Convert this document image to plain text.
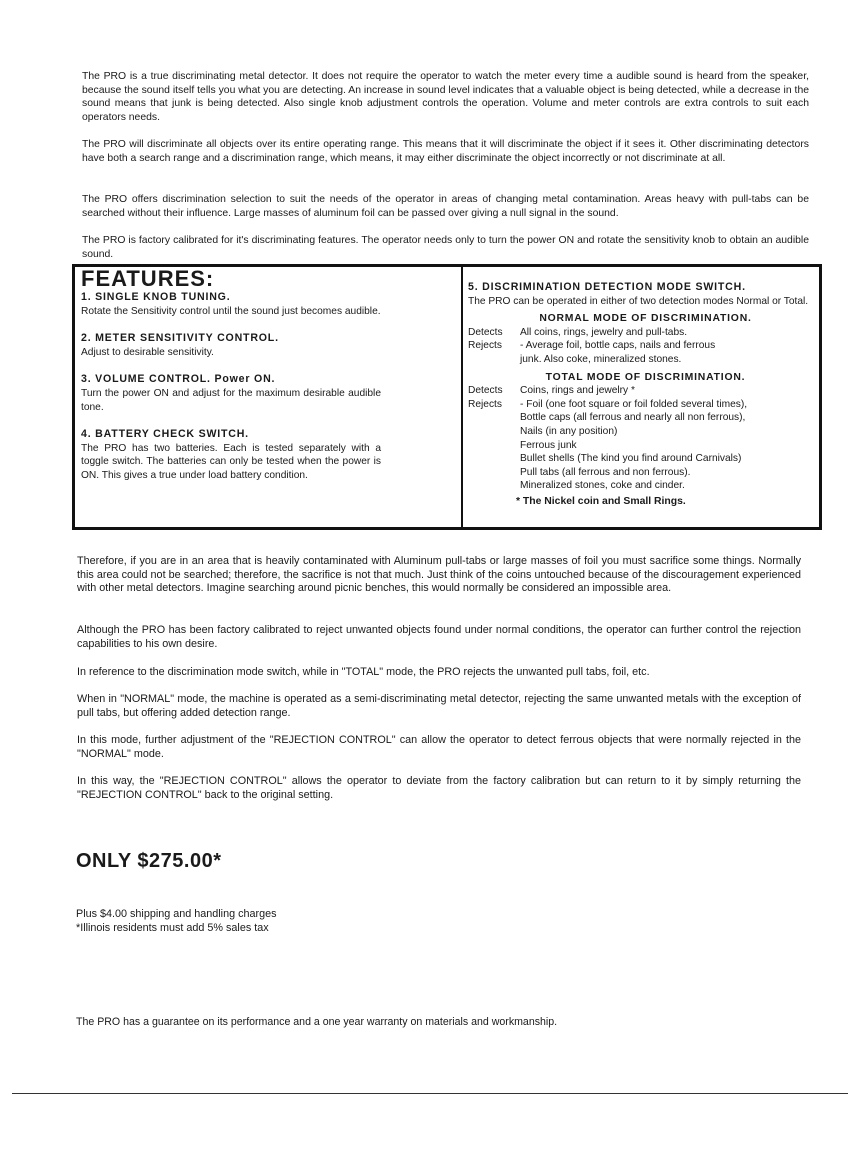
The PRO is a true discriminating metal detector. It does not require the operator to watch the meter every time a audible sound is heard from the speaker, because the sound itself tells you what you are detecting. An increase in sound level indicates that a valuable object is being detected, while a decrease in the sound means that junk is being detected. Also single knob adjustment controls the operation. Volume and meter controls are extra controls to suit each operators needs.

The PRO will discriminate all objects over its entire operating range. This means that it will discriminate the object if it sees it. Other discriminating detectors have both a search range and a discrimination range, which means, it may either discriminate the object incorrectly or not discriminate at all.

The PRO offers discrimination selection to suit the needs of the operator in areas of changing metal contamination. Areas heavy with pull-tabs can be searched without their influence. Large masses of aluminum foil can be passed over giving a null signal in the sound.

The PRO is factory calibrated for it's discriminating features. The operator needs only to turn the power ON and rotate the sensitivity knob to obtain an audible sound.

FEATURES:

1. SINGLE KNOB TUNING.

Rotate the Sensitivity control until the sound just becomes audible.

2. METER SENSITIVITY CONTROL.

Adjust to desirable sensitivity.

3. VOLUME CONTROL. Power ON.

Turn the power ON and adjust for the maximum desirable audible tone.

4. BATTERY CHECK SWITCH.

The PRO has two batteries. Each is tested separately with a toggle switch. The batteries can only be tested when the power is ON. This gives a true under load battery condition.

5. DISCRIMINATION DETECTION MODE SWITCH.

The PRO can be operated in either of two detection modes Normal or Total.

NORMAL MODE OF DISCRIMINATION.

Detects	All coins, rings, jewelry and pull-tabs.
Rejects	- Average foil, bottle caps, nails and ferrous
junk. Also coke, mineralized stones.

TOTAL MODE OF DISCRIMINATION.

Detects	Coins, rings and jewelry *
Rejects	- Foil (one foot square or foil folded several times),
Bottle caps (all ferrous and nearly all non ferrous),
Nails (in any position)
Ferrous junk
Bullet shells (The kind you find around Carnivals)
Pull tabs (all ferrous and non ferrous).
Mineralized stones, coke and cinder.

* The Nickel coin and Small Rings.

Therefore, if you are in an area that is heavily contaminated with Aluminum pull-tabs or large masses of foil you must sacrifice some things. Normally this area could not be searched; therefore, the sacrifice is not that much. Just think of the coins untouched because of the discouragement experienced with other metal detectors. Imagine searching around picnic benches, this would normally be considered an impossible area.

Although the PRO has been factory calibrated to reject unwanted objects found under normal conditions, the operator can further control the rejection capabilities to his own desire.

In reference to the discrimination mode switch, while in "TOTAL" mode, the PRO rejects the unwanted pull tabs, foil, etc.

When in "NORMAL" mode, the machine is operated as a semi-discriminating metal detector, rejecting the same unwanted metals with the exception of pull tabs, but offering added detection range.

In this mode, further adjustment of the "REJECTION CONTROL" can allow the operator to detect ferrous objects that were normally rejected in the "NORMAL" mode.

In this way, the "REJECTION CONTROL" allows the operator to deviate from the factory calibration but can return to it by simply returning the "REJECTION CONTROL" back to the original setting.

ONLY $275.00*

Plus $4.00 shipping and handling charges
*Illinois residents must add 5% sales tax

The PRO has a guarantee on its performance and a one year warranty on materials and workmanship.
